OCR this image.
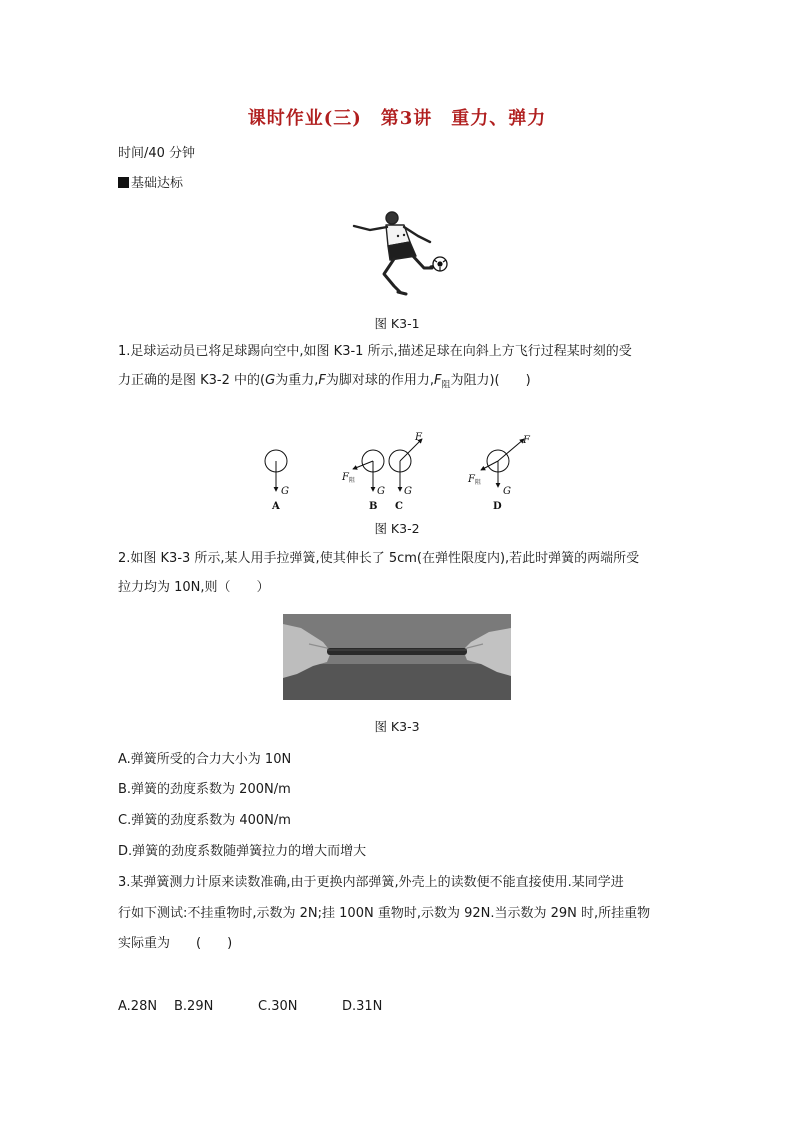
课时作业(三)　第3讲　重力、弹力
时间/40 分钟
基础达标
图 K3-1
1.足球运动员已将足球踢向空中,如图 K3-1 所示,描述足球在向斜上方飞行过程某时刻的受
力正确的是图 K3-2 中的(G为重力,F为脚对球的作用力$,F_阻$为阻力)(　　)
G	G G	G
F	F
$F_阻$	$F_阻$
A	B C	D
图 K3-2
2.如图 K3-3 所示,某人用手拉弹簧,使其伸长了 5cm(在弹性限度内),若此时弹簧的两端所受
拉力均为 10N,则（　　）
图 K3-3
A.弹簧所受的合力大小为 10N
B.弹簧的劲度系数为 200N/m
C.弹簧的劲度系数为 400N/m
D.弹簧的劲度系数随弹簧拉力的增大而增大
3.某弹簧测力计原来读数准确,由于更换内部弹簧,外壳上的读数便不能直接使用.某同学进
行如下测试:不挂重物时,示数为 2N;挂 100N 重物时,示数为 92N.当示数为 29N 时,所挂重物
实际重为　　(　　)
A.28N B.29N	C.30N	D.31N
